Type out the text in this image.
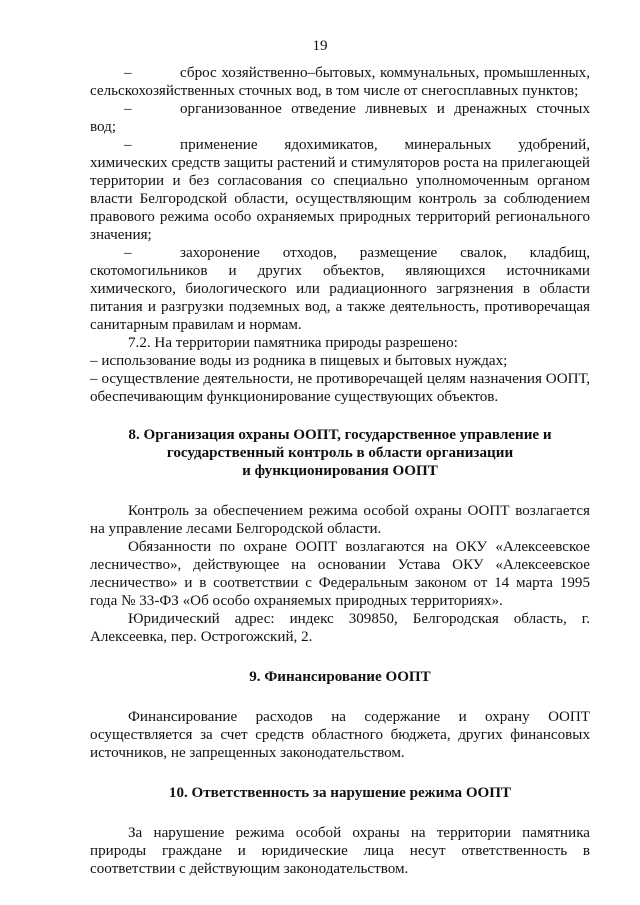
19

–	сброс хозяйственно–бытовых, коммунальных, промышленных, сельскохозяйственных сточных вод, в том числе от снегосплавных пунктов;

–	организованное отведение ливневых и дренажных сточных вод;

–	применение ядохимикатов, минеральных удобрений, химических средств защиты растений и стимуляторов роста на прилегающей территории и без согласования со специально уполномоченным органом власти Белгородской области, осуществляющим контроль за соблюдением правового режима особо охраняемых природных территорий регионального значения;

–	захоронение отходов, размещение свалок, кладбищ, скотомогильников и других объектов, являющихся источниками химического, биологического или радиационного загрязнения в области питания и разгрузки подземных вод, а также деятельность, противоречащая санитарным правилам и нормам.

7.2. На территории памятника природы разрешено:

– использование воды из родника в пищевых и бытовых нуждах;

– осуществление деятельности, не противоречащей целям назначения ООПТ, обеспечивающим функционирование существующих объектов.

8. Организация охраны ООПТ, государственное управление и
государственный контроль в области организации
и функционирования ООПТ

Контроль за обеспечением режима особой охраны ООПТ возлагается на управление лесами Белгородской области.

Обязанности по охране ООПТ возлагаются на ОКУ «Алексеевское лесничество», действующее на основании Устава ОКУ «Алексеевское лесничество» и в соответствии с Федеральным законом от 14 марта 1995 года № 33-ФЗ «Об особо охраняемых природных территориях».

Юридический адрес: индекс 309850, Белгородская область, г. Алексеевка, пер. Острогожский, 2.

9. Финансирование ООПТ

Финансирование расходов на содержание и охрану ООПТ осуществляется за счет средств областного бюджета, других финансовых источников, не запрещенных законодательством.

10. Ответственность за нарушение режима ООПТ

За нарушение режима особой охраны на территории памятника природы граждане и юридические лица несут ответственность в соответствии с действующим законодательством.
